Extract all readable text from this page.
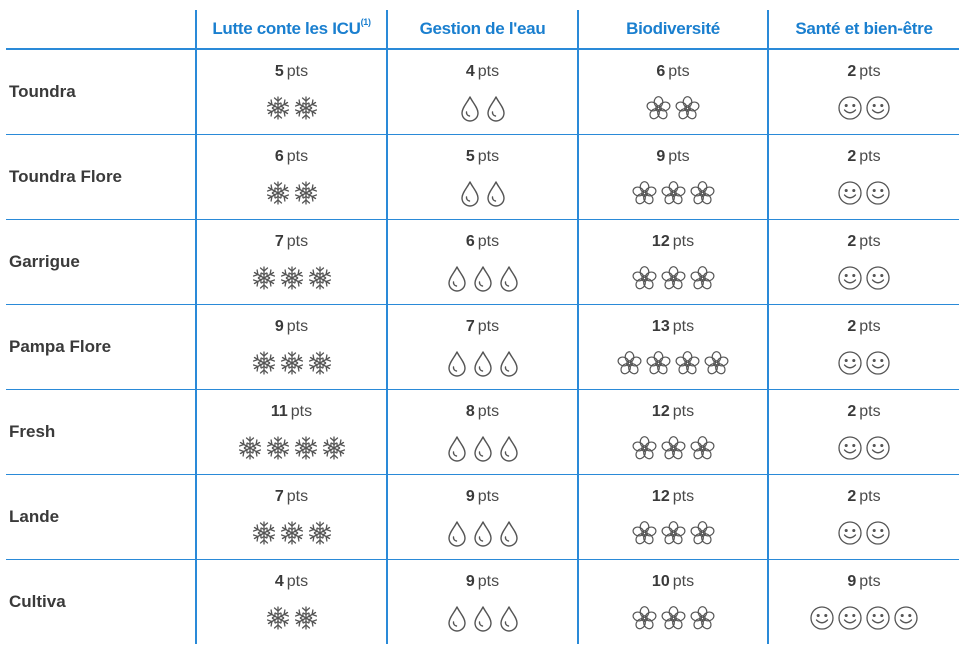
	Lutte conte les ICU$^{(1)}$	Gestion de l'eau	Biodiversité	Santé et bien-être
Toundra	5 pts	4 pts	6 pts	2 pts

Toundra Flore	6 pts	5 pts	9 pts	2 pts

Garrigue	7 pts	6 pts	12 pts	2 pts

Pampa Flore	9 pts	7 pts	13 pts	2 pts

Fresh	11 pts	8 pts	12 pts	2 pts

Lande	7 pts	9 pts	12 pts	2 pts

Cultiva	4 pts	9 pts	10 pts	9 pts
